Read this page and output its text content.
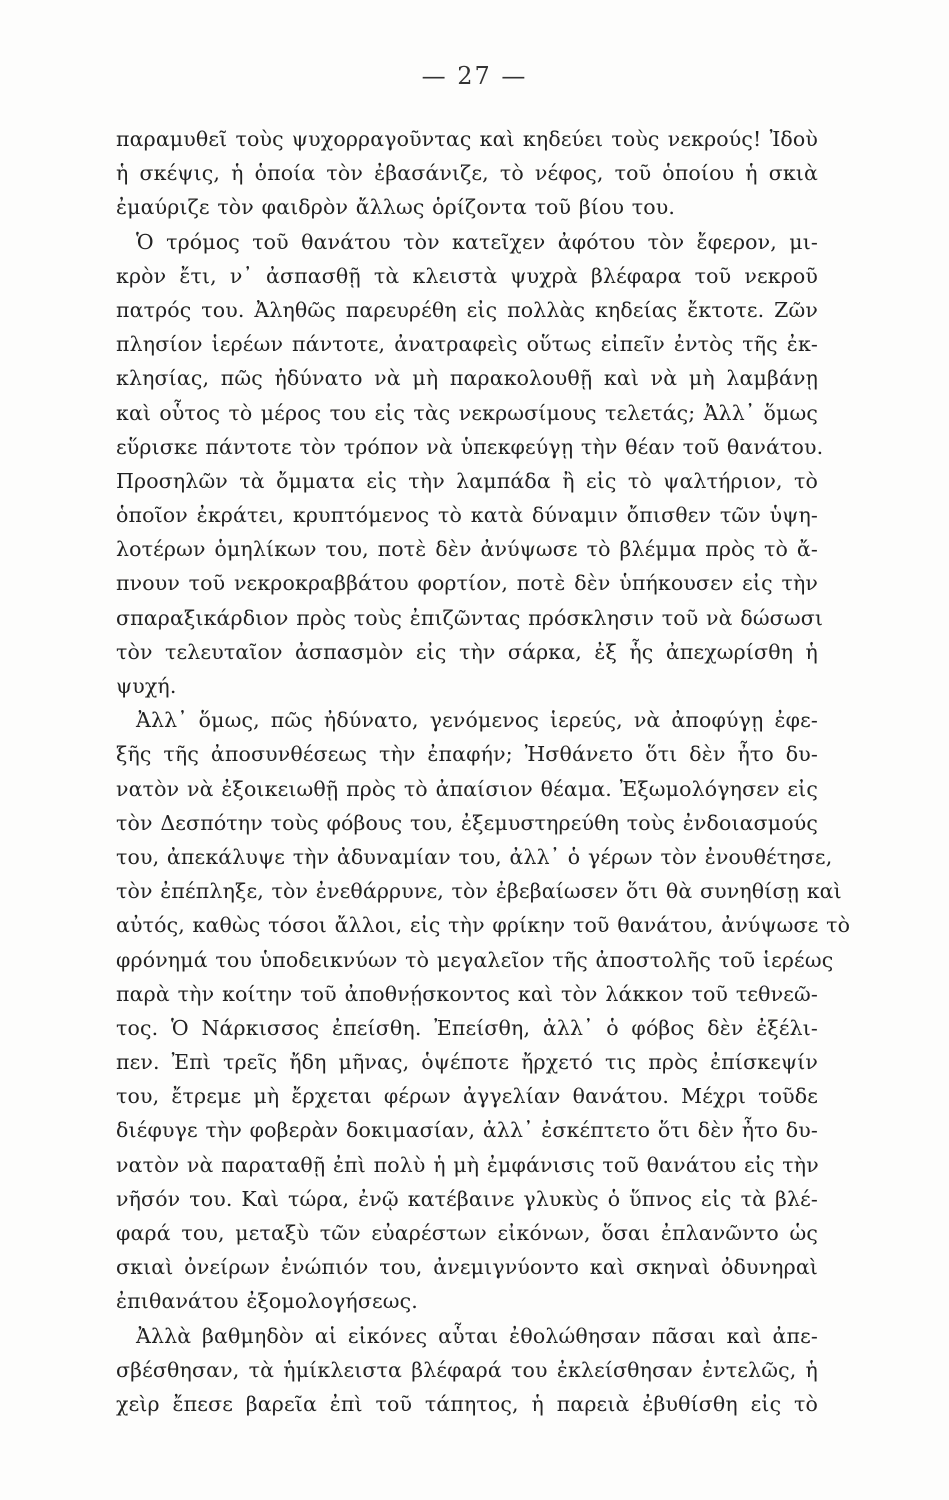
— 27 —
παραμυθεῖ τοὺς ψυχορραγοῦντας καὶ κηδεύει τοὺς νεκρούς! Ἰδοὺ
ἡ σκέψις, ἡ ὁποία τὸν ἐβασάνιζε, τὸ νέφος, τοῦ ὁποίου ἡ σκιὰ
ἐμαύριζε τὸν φαιδρὸν ἄλλως ὁρίζοντα τοῦ βίου του.
Ὁ τρόμος τοῦ θανάτου τὸν κατεῖχεν ἀφότου τὸν ἔφερον, μι-
κρὸν ἔτι, ν᾿ ἀσπασθῇ τὰ κλειστὰ ψυχρὰ βλέφαρα τοῦ νεκροῦ
πατρός του. Ἀληθῶς παρευρέθη εἰς πολλὰς κηδείας ἔκτοτε. Ζῶν
πλησίον ἱερέων πάντοτε, ἀνατραφεὶς οὕτως εἰπεῖν ἐντὸς τῆς ἐκ-
κλησίας, πῶς ἠδύνατο νὰ μὴ παρακολουθῇ καὶ νὰ μὴ λαμβάνῃ
καὶ οὗτος τὸ μέρος του εἰς τὰς νεκρωσίμους τελετάς; Ἀλλ᾿ ὅμως
εὕρισκε πάντοτε τὸν τρόπον νὰ ὑπεκφεύγῃ τὴν θέαν τοῦ θανάτου.
Προσηλῶν τὰ ὄμματα εἰς τὴν λαμπάδα ἢ εἰς τὸ ψαλτήριον, τὸ
ὁποῖον ἐκράτει, κρυπτόμενος τὸ κατὰ δύναμιν ὄπισθεν τῶν ὑψη-
λοτέρων ὁμηλίκων του, ποτὲ δὲν ἀνύψωσε τὸ βλέμμα πρὸς τὸ ἄ-
πνουν τοῦ νεκροκραββάτου φορτίον, ποτὲ δὲν ὑπήκουσεν εἰς τὴν
σπαραξικάρδιον πρὸς τοὺς ἐπιζῶντας πρόσκλησιν τοῦ νὰ δώσωσι
τὸν τελευταῖον ἀσπασμὸν εἰς τὴν σάρκα, ἐξ ἧς ἀπεχωρίσθη ἡ
ψυχή.
Ἀλλ᾿ ὅμως, πῶς ἠδύνατο, γενόμενος ἱερεύς, νὰ ἀποφύγῃ ἐφε-
ξῆς τῆς ἀποσυνθέσεως τὴν ἐπαφήν; Ἠσθάνετο ὅτι δὲν ἦτο δυ-
νατὸν νὰ ἐξοικειωθῇ πρὸς τὸ ἀπαίσιον θέαμα. Ἐξωμολόγησεν εἰς
τὸν Δεσπότην τοὺς φόβους του, ἐξεμυστηρεύθη τοὺς ἐνδοιασμούς
του, ἀπεκάλυψε τὴν ἀδυναμίαν του, ἀλλ᾿ ὁ γέρων τὸν ἐνουθέτησε,
τὸν ἐπέπληξε, τὸν ἐνεθάρρυνε, τὸν ἐβεβαίωσεν ὅτι θὰ συνηθίσῃ καὶ
αὐτός, καθὼς τόσοι ἄλλοι, εἰς τὴν φρίκην τοῦ θανάτου, ἀνύψωσε τὸ
φρόνημά του ὑποδεικνύων τὸ μεγαλεῖον τῆς ἀποστολῆς τοῦ ἱερέως
παρὰ τὴν κοίτην τοῦ ἀποθνῄσκοντος καὶ τὸν λάκκον τοῦ τεθνεῶ-
τος. Ὁ Νάρκισσος ἐπείσθη. Ἐπείσθη, ἀλλ᾿ ὁ φόβος δὲν ἐξέλι-
πεν. Ἐπὶ τρεῖς ἤδη μῆνας, ὁψέποτε ἤρχετό τις πρὸς ἐπίσκεψίν
του, ἔτρεμε μὴ ἔρχεται φέρων ἀγγελίαν θανάτου. Μέχρι τοῦδε
διέφυγε τὴν φοβερὰν δοκιμασίαν, ἀλλ᾿ ἐσκέπτετο ὅτι δὲν ἦτο δυ-
νατὸν νὰ παραταθῇ ἐπὶ πολὺ ἡ μὴ ἐμφάνισις τοῦ θανάτου εἰς τὴν
νῆσόν του. Καὶ τώρα, ἐνῷ κατέβαινε γλυκὺς ὁ ὕπνος εἰς τὰ βλέ-
φαρά του, μεταξὺ τῶν εὐαρέστων εἰκόνων, ὅσαι ἐπλανῶντο ὡς
σκιαὶ ὀνείρων ἐνώπιόν του, ἀνεμιγνύοντο καὶ σκηναὶ ὀδυνηραὶ
ἐπιθανάτου ἐξομολογήσεως.
Ἀλλὰ βαθμηδὸν αἱ εἰκόνες αὗται ἐθολώθησαν πᾶσαι καὶ ἀπε-
σβέσθησαν, τὰ ἡμίκλειστα βλέφαρά του ἐκλείσθησαν ἐντελῶς, ἡ
χεὶρ ἔπεσε βαρεῖα ἐπὶ τοῦ τάπητος, ἡ παρειὰ ἐβυθίσθη εἰς τὸ
